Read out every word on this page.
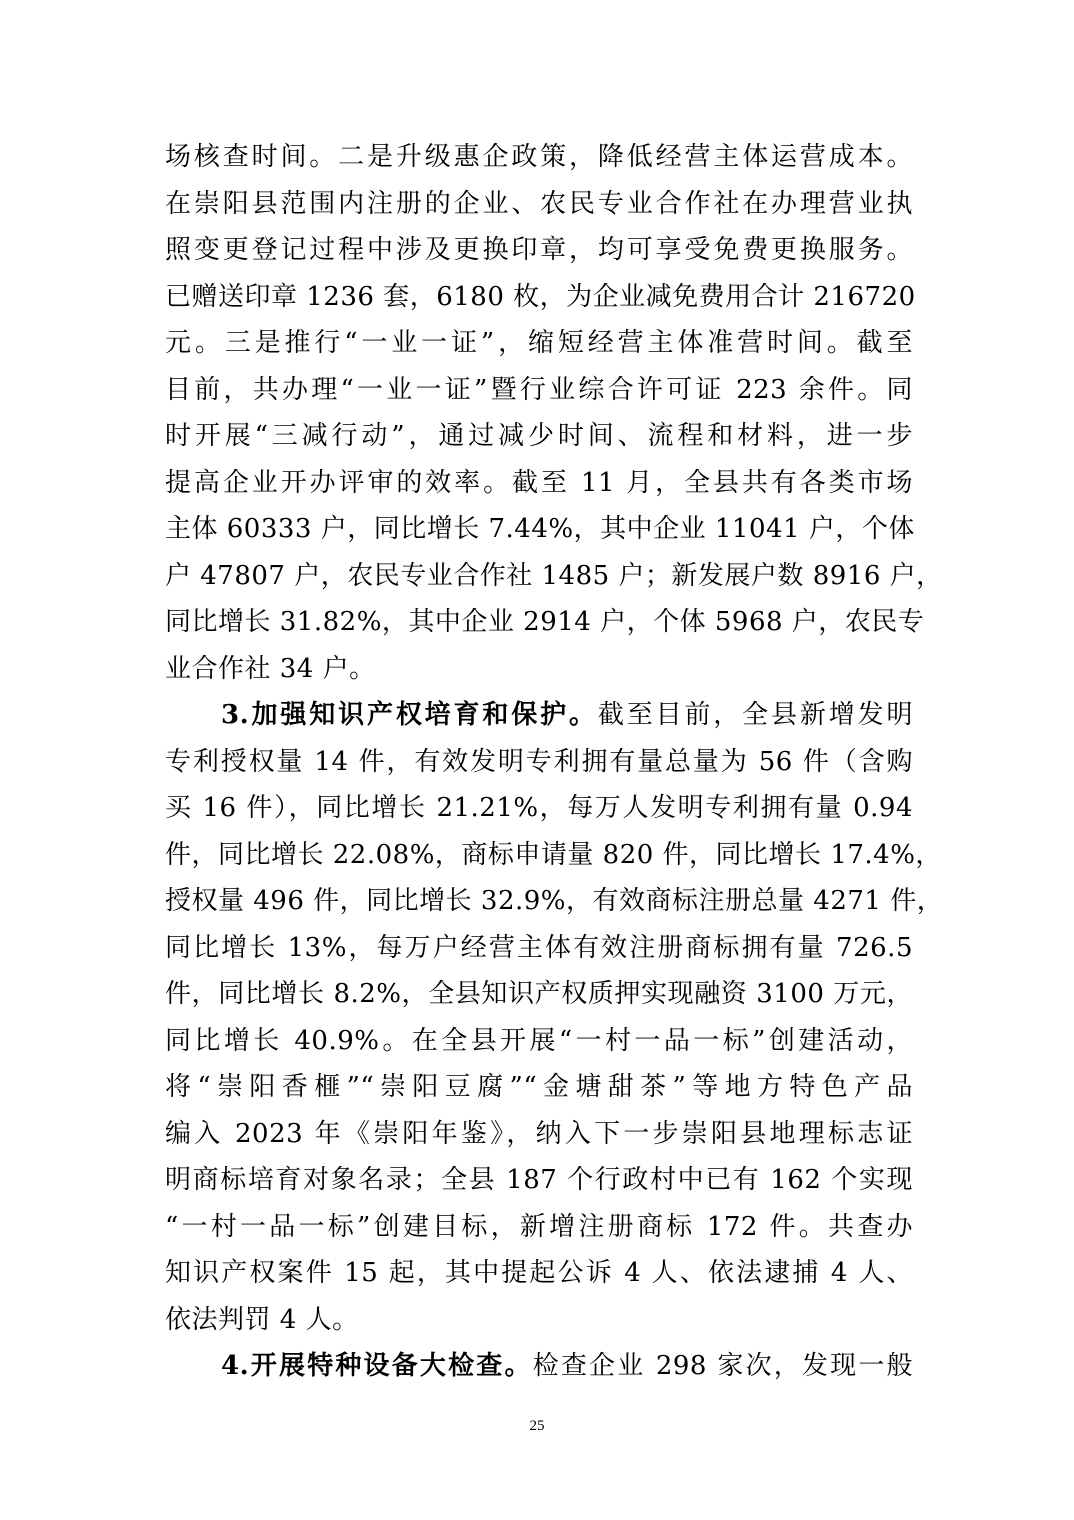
场核查时间。二是升级惠企政策，降低经营主体运营成本。
在崇阳县范围内注册的企业、农民专业合作社在办理营业执
照变更登记过程中涉及更换印章，均可享受免费更换服务。
已赠送印章 1236 套，6180 枚，为企业减免费用合计 216720
元。三是推行“一业一证”，缩短经营主体准营时间。截至
目前，共办理“一业一证”暨行业综合许可证 223 余件。同
时开展“三减行动”，通过减少时间、流程和材料，进一步
提高企业开办评审的效率。截至 11 月，全县共有各类市场
主体 60333 户，同比增长 7.44%，其中企业 11041 户，个体
户 47807 户，农民专业合作社 1485 户；新发展户数 8916 户，
同比增长 31.82%，其中企业 2914 户，个体 5968 户，农民专
业合作社 34 户。
3.加强知识产权培育和保护。截至目前，全县新增发明
专利授权量 14 件，有效发明专利拥有量总量为 56 件（含购
买 16 件），同比增长 21.21%，每万人发明专利拥有量 0.94
件，同比增长 22.08%，商标申请量 820 件，同比增长 17.4%，
授权量 496 件，同比增长 32.9%，有效商标注册总量 4271 件，
同比增长 13%，每万户经营主体有效注册商标拥有量 726.5
件，同比增长 8.2%，全县知识产权质押实现融资 3100 万元，
同比增长 40.9%。在全县开展“一村一品一标”创建活动，
将“崇阳香榧”“崇阳豆腐”“金塘甜茶”等地方特色产品
编入 2023 年《崇阳年鉴》，纳入下一步崇阳县地理标志证
明商标培育对象名录；全县 187 个行政村中已有 162 个实现
“一村一品一标”创建目标，新增注册商标 172 件。共查办
知识产权案件 15 起，其中提起公诉 4 人、依法逮捕 4 人、
依法判罚 4 人。
4.开展特种设备大检查。检查企业 298 家次，发现一般
25
